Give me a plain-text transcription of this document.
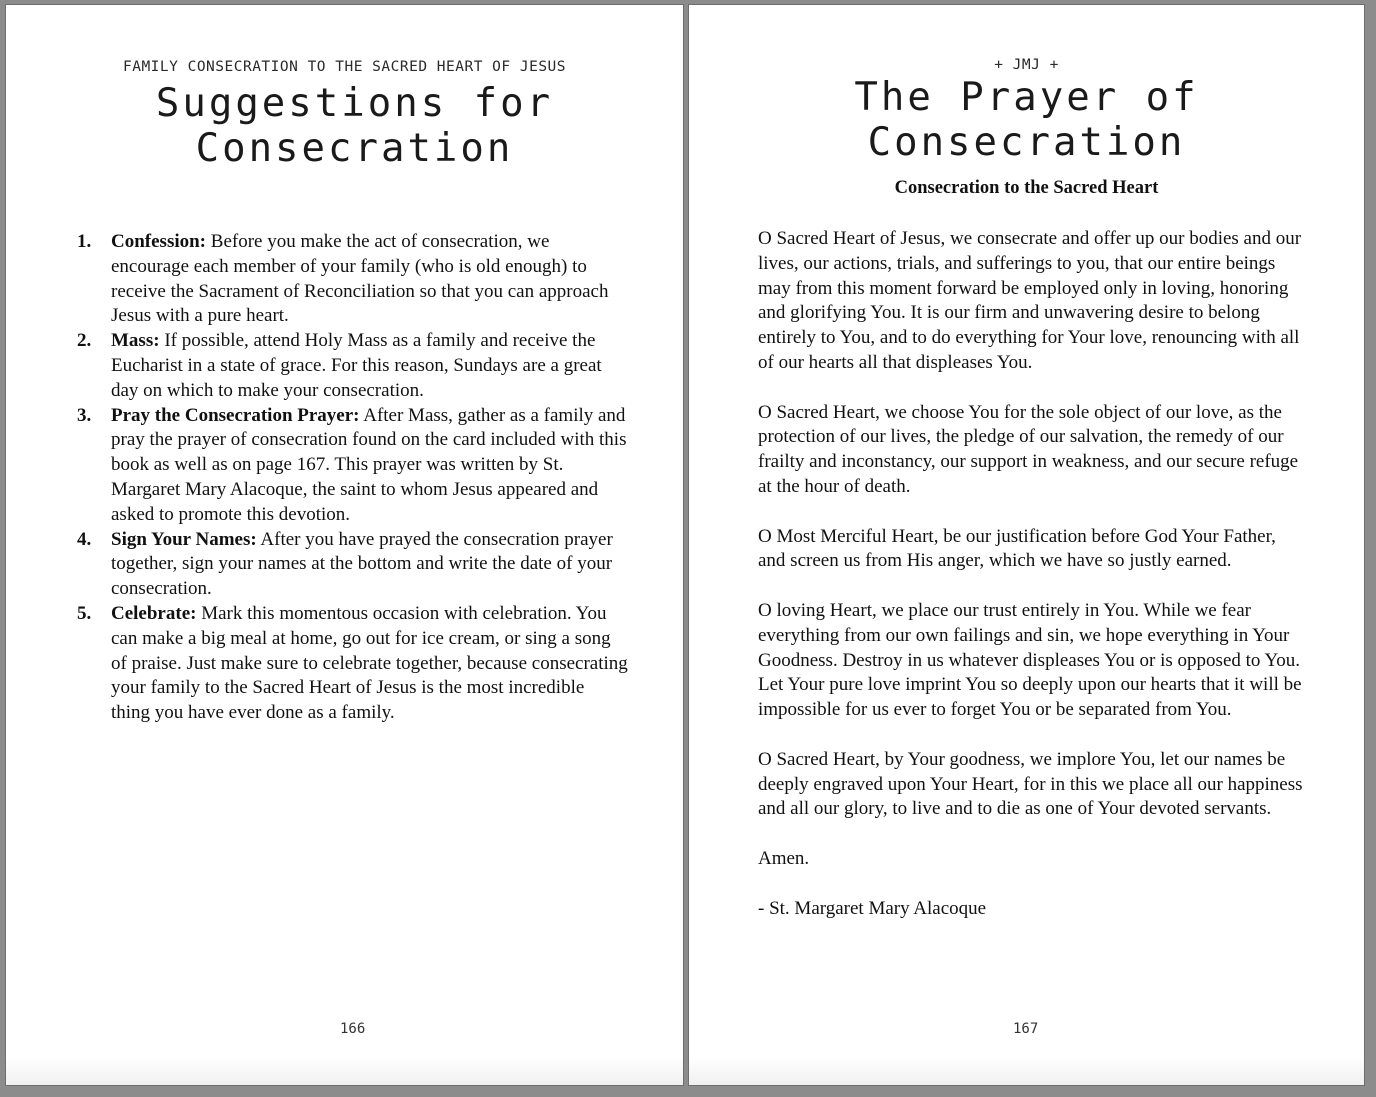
FAMILY CONSECRATION TO THE SACRED HEART OF JESUS
Suggestions for
Consecration
1. Confession: Before you make the act of consecration, we encourage each member of your family (who is old enough) to receive the Sacrament of Reconciliation so that you can approach Jesus with a pure heart.
2. Mass: If possible, attend Holy Mass as a family and receive the Eucharist in a state of grace. For this reason, Sundays are a great day on which to make your consecration.
3. Pray the Consecration Prayer: After Mass, gather as a family and pray the prayer of consecration found on the card included with this book as well as on page 167. This prayer was written by St. Margaret Mary Alacoque, the saint to whom Jesus appeared and asked to promote this devotion.
4. Sign Your Names: After you have prayed the consecration prayer together, sign your names at the bottom and write the date of your consecration.
5. Celebrate: Mark this momentous occasion with celebration. You can make a big meal at home, go out for ice cream, or sing a song of praise. Just make sure to celebrate together, because consecrating your family to the Sacred Heart of Jesus is the most incredible thing you have ever done as a family.
166
+ JMJ +
The Prayer of
Consecration
Consecration to the Sacred Heart

O Sacred Heart of Jesus, we consecrate and offer up our bodies and our lives, our actions, trials, and sufferings to you, that our entire beings may from this moment forward be employed only in loving, honoring and glorifying You. It is our firm and unwavering desire to belong entirely to You, and to do everything for Your love, renouncing with all of our hearts all that displeases You.

O Sacred Heart, we choose You for the sole object of our love, as the protection of our lives, the pledge of our salvation, the remedy of our frailty and inconstancy, our support in weakness, and our secure refuge at the hour of death.

O Most Merciful Heart, be our justification before God Your Father, and screen us from His anger, which we have so justly earned.

O loving Heart, we place our trust entirely in You. While we fear everything from our own failings and sin, we hope everything in Your Goodness. Destroy in us whatever displeases You or is opposed to You. Let Your pure love imprint You so deeply upon our hearts that it will be impossible for us ever to forget You or be separated from You.

O Sacred Heart, by Your goodness, we implore You, let our names be deeply engraved upon Your Heart, for in this we place all our happiness and all our glory, to live and to die as one of Your devoted servants.

Amen.

- St. Margaret Mary Alacoque

167
